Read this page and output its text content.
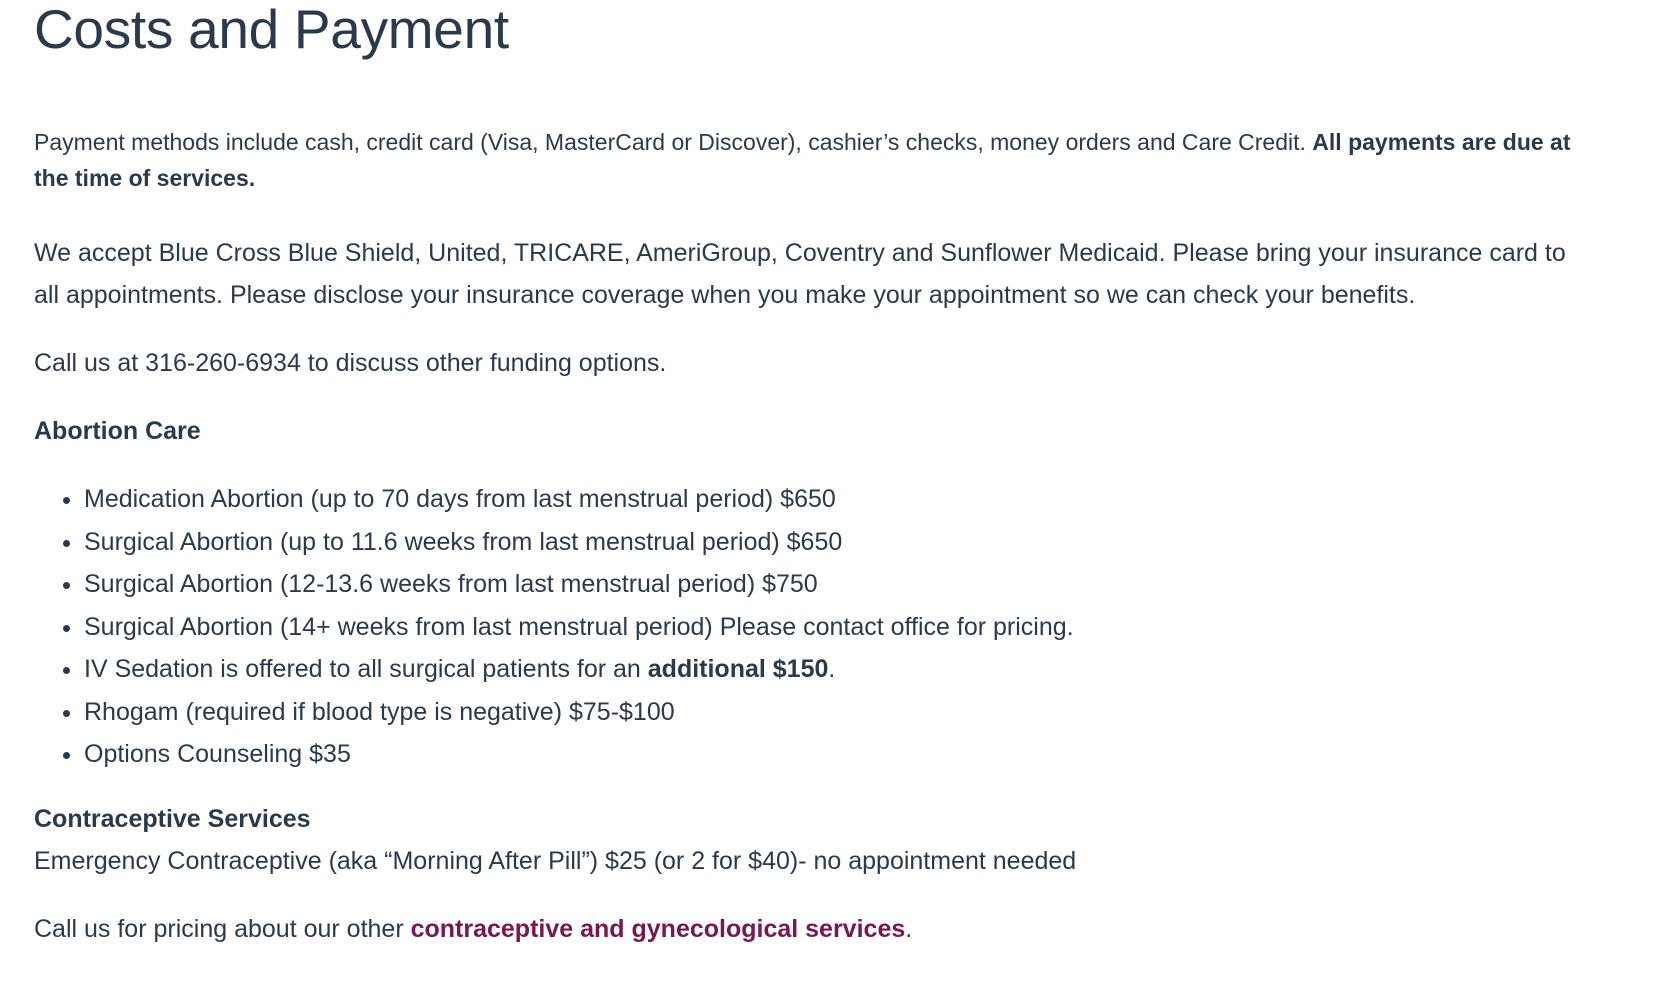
Costs and Payment

Payment methods include cash, credit card (Visa, MasterCard or Discover), cashier’s checks, money orders and Care Credit. All payments are due at the time of services.

We accept Blue Cross Blue Shield, United, TRICARE, AmeriGroup, Coventry and Sunflower Medicaid. Please bring your insurance card to all appointments. Please disclose your insurance coverage when you make your appointment so we can check your benefits.

Call us at 316-260-6934 to discuss other funding options.

Abortion Care
• Medication Abortion (up to 70 days from last menstrual period) $650
• Surgical Abortion (up to 11.6 weeks from last menstrual period) $650
• Surgical Abortion (12-13.6 weeks from last menstrual period) $750
• Surgical Abortion (14+ weeks from last menstrual period) Please contact office for pricing.
• IV Sedation is offered to all surgical patients for an additional $150.
• Rhogam (required if blood type is negative) $75-$100
• Options Counseling $35
Contraceptive Services

Emergency Contraceptive (aka “Morning After Pill”) $25 (or 2 for $40)- no appointment needed

Call us for pricing about our other contraceptive and gynecological services.
